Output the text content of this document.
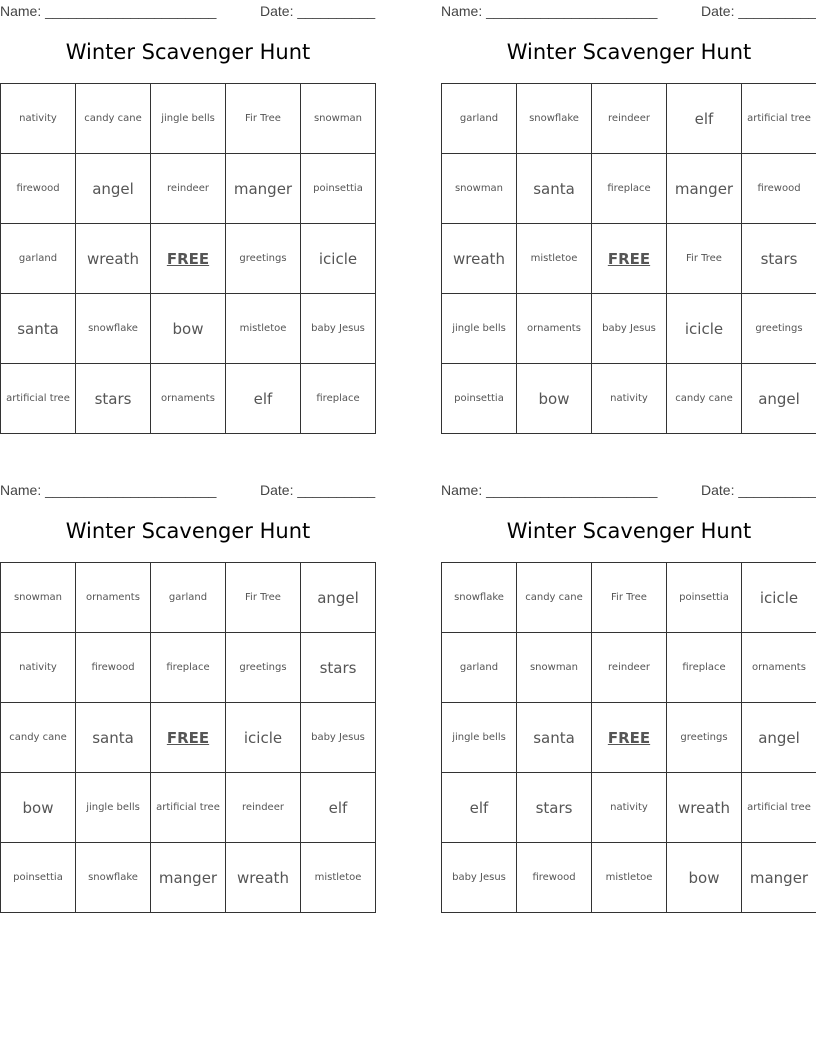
Name: ______________________	Date: __________
Winter Scavenger Hunt
nativity	candy cane	jingle bells	Fir Tree	snowman
firewood	angel	reindeer	manger	poinsettia
garland	wreath	FREE	greetings	icicle
santa	snowflake	bow	mistletoe	baby Jesus
artificial tree	stars	ornaments	elf	fireplace
Name: ______________________	Date: __________
Winter Scavenger Hunt
garland	snowflake	reindeer	elf	artificial tree
snowman	santa	fireplace	manger	firewood
wreath	mistletoe	FREE	Fir Tree	stars
jingle bells	ornaments	baby Jesus	icicle	greetings
poinsettia	bow	nativity	candy cane	angel
Name: ______________________	Date: __________
Winter Scavenger Hunt
snowman	ornaments	garland	Fir Tree	angel
nativity	firewood	fireplace	greetings	stars
candy cane	santa	FREE	icicle	baby Jesus
bow	jingle bells	artificial tree	reindeer	elf
poinsettia	snowflake	manger	wreath	mistletoe
Name: ______________________	Date: __________
Winter Scavenger Hunt
snowflake	candy cane	Fir Tree	poinsettia	icicle
garland	snowman	reindeer	fireplace	ornaments
jingle bells	santa	FREE	greetings	angel
elf	stars	nativity	wreath	artificial tree
baby Jesus	firewood	mistletoe	bow	manger
